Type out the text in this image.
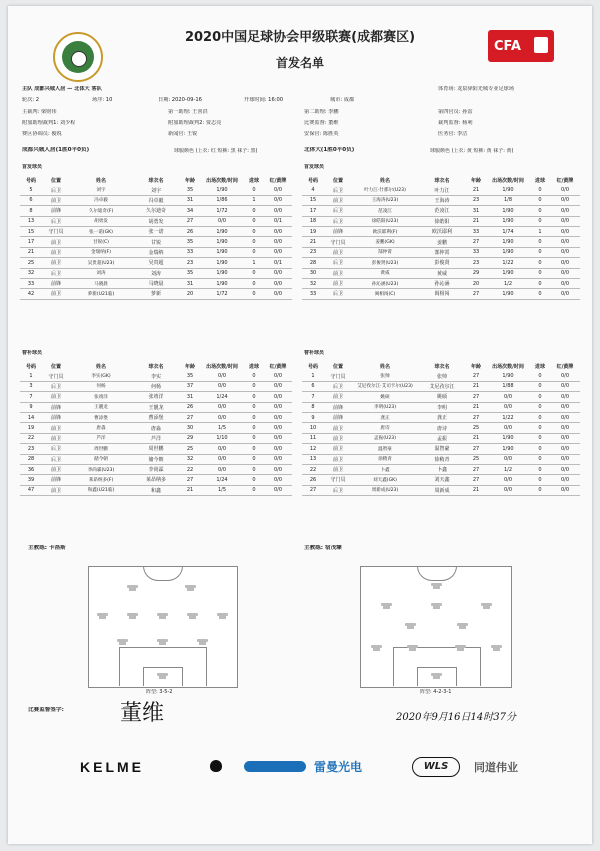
2020中国足球协会甲级联赛(成都赛区)
首发名单
CFA
主队 成都兴城人居 — 北体大 客队	体育场: 龙泉驿阳光城专业足球场
轮次: 2	场序: 10	日期: 2020-09-16	开球时间: 16:00	城市: 成都
主裁判: 梁财伟	第一助理: 王喜洪	第二助理: 李鹏	第四官员: 孙雷
附加助理裁判1: 刘少程	附加助理裁判2: 贾志亮	比赛监督: 董维	裁判监督: 杨利
赛区协调员: 俊锐	新闻官: 王锐	安保官: 陈胜英	医务官: 李洁
成都兴城人居(1胜0平0负)	球服颜色 (上衣: 红 短裤: 黑 袜子: 黑)	北体大(1胜0平0负)	球服颜色 (上衣: 黄 短裤: 黄 袜子: 黄)
首发球员	首发球员
号码	位置	姓名	球衣名	年龄	出场次数/时间	进球	红/黄牌
5	后卫	刘宇	刘宇	35	1/90	0	0/0
6	前卫	冯卓毅	冯卓毅	31	1/86	1	0/0
8	前锋	久尔迪奇(F)	久尔迪奇	34	1/72	0	0/0
13	后卫	胡勇发	胡勇发	27	0/0	0	0/1
15	守门员	张一诺(GK)	张一诺	26	1/90	0	0/0
17	前卫	甘锐(C)	甘锐	35	1/90	0	0/0
21	前卫	金瑞纳(F)	金瑞纳	33	1/90	0	0/0
25	前卫	吴贵超(U23)	吴贵超	23	1/90	1	0/1
32	后卫	刘涛	刘涛	35	1/90	0	0/0
33	前锋	马晓晨	马晓晨	31	1/90	0	0/0
42	前卫	萝新(U21临)	萝新	20	1/72	0	0/0
号码	位置	姓名	球衣名	年龄	出场次数/时间	进球	红/黄牌
4	后卫	叶力江·什那尔(U23)	叶力江	21	1/90	0	0/0
15	前卫	王海涛(U23)	王海涛	23	1/8	0	0/0
17	后卫	范凌江	范凌江	31	1/90	0	0/0
18	后卫	徐皓阳(U23)	徐皓阳	21	1/90	0	0/0
19	前锋	欧沃耶利(F)	欧沃耶利	33	1/74	1	0/0
21	守门员	姜鹏(GK)	姜鹏	27	1/90	0	0/0
23	前卫	郜仲霄	郜仲霄	33	1/90	0	0/0
28	后卫	彭俊贤(U23)	彭俊贤	23	1/22	0	0/0
30	前卫	黄威	黄威	29	1/90	0	0/0
32	前卫	孙沁涵(U23)	孙沁涵	20	1/2	0	0/0
33	后卫	阎相闯(C)	阎相闯	27	1/90	0	0/0
替补球员	替补球员
号码	位置	姓名	球衣名	年龄	出场次数/时间	进球	红/黄牌
1	守门员	李实(GK)	李实	35	0/0	0	0/0
3	后卫	何杨	何杨	37	0/0	0	0/0
7	前卫	张靖洋	张靖洋	31	1/24	0	0/0
9	前锋	王靓龙	王靓龙	26	0/0	0	0/0
14	前锋	曹添堡	曹添堡	27	0/0	0	0/0
19	前卫	唐淼	唐淼	30	1/5	0	0/0
22	前卫	芦洋	芦洋	29	1/10	0	0/0
23	后卫	周世鹏	周世鹏	25	0/0	0	0/0
28	后卫	储今朝	储今朝	32	0/0	0	0/0
36	前卫	李尚霖(U23)	李尚霖	22	0/0	0	0/0
39	前锋	莱昂纳多(F)	莱昂纳多	27	1/24	0	0/0
47	前卫	和鑫(U21临)	和鑫	21	1/5	0	0/0
号码	位置	姓名	球衣名	年龄	出场次数/时间	进球	红/黄牌
1	守门员	张帅	张帅	27	1/90	0	0/0
6	后卫	艾尼孜尔江·艾司卡尔(U23)	艾尼孜尔江	21	1/88	0	0/0
7	前卫	姚硕	姚硕	27	0/0	0	0/0
8	前锋	李明(U23)	李明	21	0/0	0	0/0
9	前锋	龚正	龚正	27	1/22	0	0/0
10	前卫	唐诗	唐诗	25	0/0	0	0/0
11	前卫	孟振(U23)	孟振	21	1/90	0	0/0
12	前卫	温智豪	温智豪	27	1/90	0	0/0
13	前卫	徐稍青	徐稍青	25	0/0	0	0/0
22	前卫	卜鑫	卜鑫	27	1/2	0	0/0
26	守门员	刘天鑫(GK)	刘天鑫	27	0/0	0	0/0
27	后卫	周新成(U23)	周新成	21	0/0	0	0/0
主教练: 卡洛斯	主教练: 宿茂臻
阵型: 3-5-2	阵型: 4-2-3-1
比赛监督签字:	董维	2020年9月16日14时37分
KELME	雷曼光电	WLS	同道伟业
